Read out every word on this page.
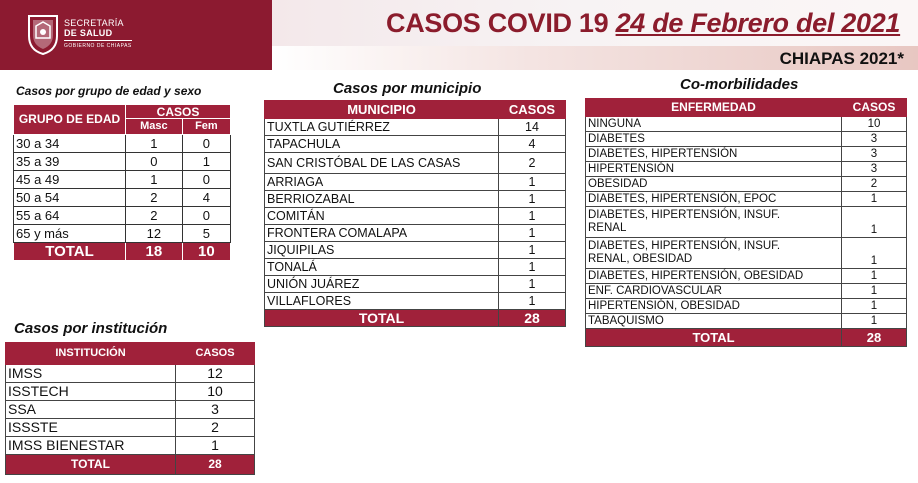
SECRETARÍA
DE SALUD
GOBIERNO DE CHIAPAS
CASOS COVID 19 24 de Febrero del 2021
CHIAPAS 2021*
Casos por grupo de edad y sexo
GRUPO DE EDAD	CASOS	
	Masc	Fem
30 a 34	1	0
35 a 39	0	1
45 a 49	1	0
50 a 54	2	4
55 a 64	2	0
65 y más	12	5
TOTAL	18	10
Casos por institución
INSTITUCIÓN	CASOS
IMSS	12
ISSTECH	10
SSA	3
ISSSTE	2
IMSS BIENESTAR	1
TOTAL	28
Casos por municipio
MUNICIPIO	CASOS
TUXTLA GUTIÉRREZ	14
TAPACHULA	4
SAN CRISTÓBAL DE LAS CASAS	2
ARRIAGA	1
BERRIOZABAL	1
COMITÁN	1
FRONTERA COMALAPA	1
JIQUIPILAS	1
TONALÁ	1
UNIÓN JUÁREZ	1
VILLAFLORES	1
TOTAL	28
Co-morbilidades
ENFERMEDAD	CASOS
NINGUNA	10
DIABETES	3
DIABETES, HIPERTENSIÓN	3
HIPERTENSIÓN	3
OBESIDAD	2
DIABETES, HIPERTENSIÓN, EPOC	1

DIABETES, HIPERTENSIÓN, INSUF.
RENAL	1

DIABETES, HIPERTENSIÓN, INSUF.
RENAL, OBESIDAD	1
DIABETES, HIPERTENSIÓN, OBESIDAD	1
ENF. CARDIOVASCULAR	1
HIPERTENSIÓN, OBESIDAD	1
TABAQUISMO	1
TOTAL	28
